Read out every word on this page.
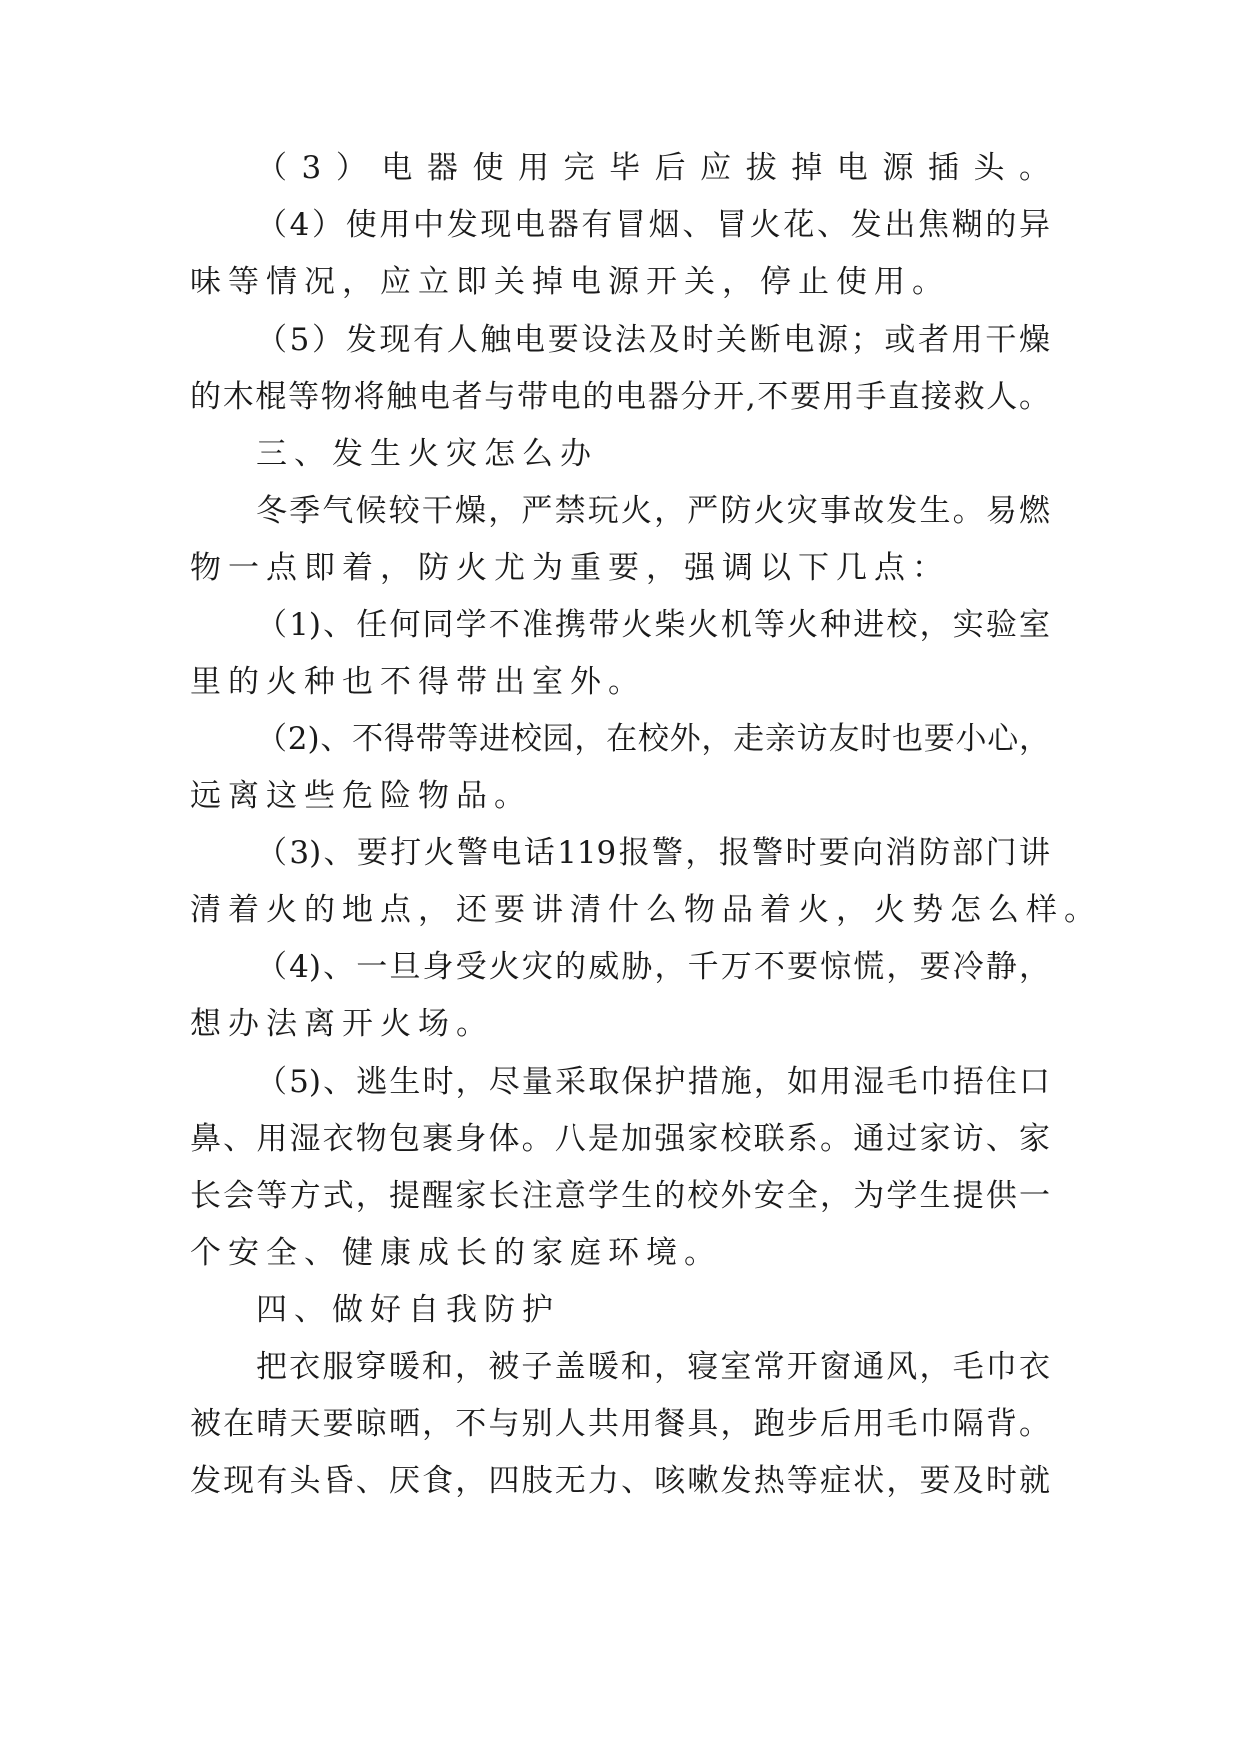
（3）电器使用完毕后应拔掉电源插头。
（4）使用中发现电器有冒烟、冒火花、发出焦糊的异
味等情况，应立即关掉电源开关，停止使用。
（5）发现有人触电要设法及时关断电源；或者用干燥
的木棍等物将触电者与带电的电器分开,不要用手直接救人。
三、发生火灾怎么办
冬季气候较干燥，严禁玩火，严防火灾事故发生。易燃
物一点即着，防火尤为重要，强调以下几点：
（1)、任何同学不准携带火柴火机等火种进校，实验室
里的火种也不得带出室外。
（2)、不得带等进校园，在校外，走亲访友时也要小心，
远离这些危险物品。
（3)、要打火警电话119报警，报警时要向消防部门讲
清着火的地点，还要讲清什么物品着火，火势怎么样。
（4)、一旦身受火灾的威胁，千万不要惊慌，要冷静，
想办法离开火场。
（5)、逃生时，尽量采取保护措施，如用湿毛巾捂住口
鼻、用湿衣物包裹身体。八是加强家校联系。通过家访、家
长会等方式，提醒家长注意学生的校外安全，为学生提供一
个安全、健康成长的家庭环境。
四、做好自我防护
把衣服穿暖和，被子盖暖和，寝室常开窗通风，毛巾衣
被在晴天要晾晒，不与别人共用餐具，跑步后用毛巾隔背。
发现有头昏、厌食，四肢无力、咳嗽发热等症状，要及时就
